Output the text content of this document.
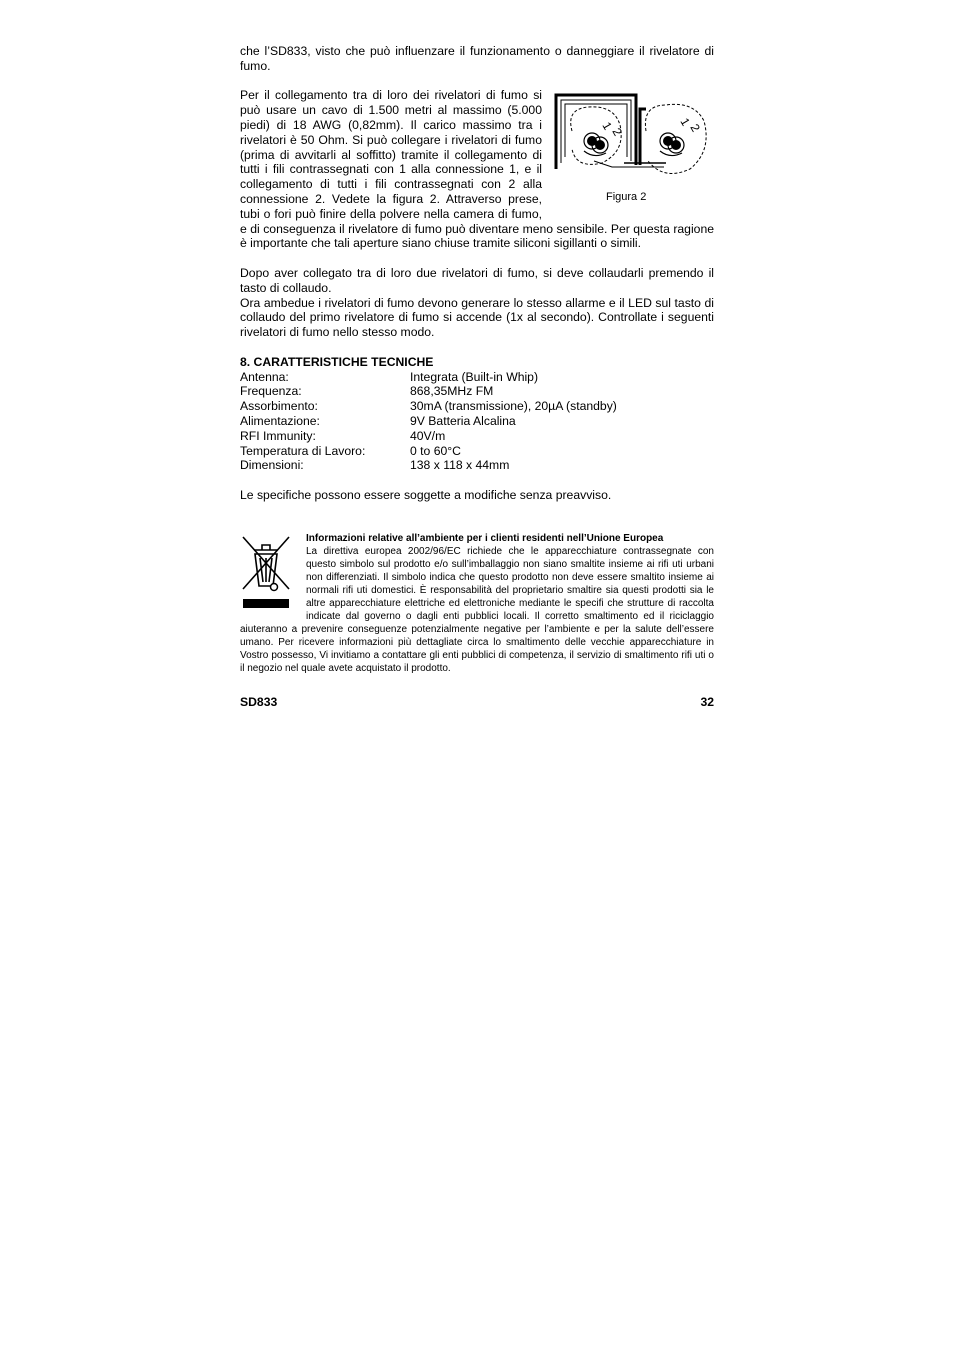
che l’SD833, visto che può influenzare il funzionamento o danneggiare il rivelatore di fumo.

1
2
1
2
Figura 2

Per il collegamento tra di loro dei rivelatori di fumo si può usare un cavo di 1.500 metri al massimo (5.000 piedi) di 18 AWG (0,82mm). Il carico massimo tra i rivelatori è 50 Ohm. Si può collegare i rivelatori di fumo (prima di avvitarli al soffitto) tramite il collegamento di tutti i fili contrassegnati con 1 alla connessione 1, e il collegamento di tutti i fili contrassegnati con 2 alla connessione 2. Vedete la figura 2. Attraverso prese, tubi o fori può finire della polvere nella camera di fumo, e di conseguenza il rivelatore di fumo può diventare meno sensibile. Per questa ragione è importante che tali aperture siano chiuse tramite siliconi sigillanti o simili.

Dopo aver collegato tra di loro due rivelatori di fumo, si deve collaudarli premendo il tasto di collaudo.

Ora ambedue i rivelatori di fumo devono generare lo stesso allarme e il LED sul tasto di collaudo del primo rivelatore di fumo si accende (1x al secondo). Controllate i seguenti rivelatori di fumo nello stesso modo.

8. CARATTERISTICHE TECNICHE
Antenna:	Integrata (Built-in Whip)
Frequenza:	868,35MHz FM
Assorbimento:	30mA (transmissione), 20µA (standby)
Alimentazione:	9V Batteria Alcalina
RFI Immunity:	40V/m
Temperatura di Lavoro:	0 to 60°C
Dimensioni:	138 x 118 x 44mm

Le specifiche possono essere soggette a modifiche senza preavviso.

Informazioni relative all’ambiente per i clienti residenti nell’Unione Europea

La direttiva europea 2002/96/EC richiede che le apparecchiature contrassegnate con questo simbolo sul prodotto e/o sull’imballaggio non siano smaltite insieme ai rifi uti urbani non differenziati. Il simbolo indica che questo prodotto non deve essere smaltito insieme ai normali rifi uti domestici. È responsabilità del proprietario smaltire sia questi prodotti sia le altre apparecchiature elettriche ed elettroniche mediante le specifi che strutture di raccolta indicate dal governo o dagli enti pubblici locali. Il corretto smaltimento ed il riciclaggio aiuteranno a prevenire conseguenze potenzialmente negative per l’ambiente e per la salute dell’essere umano. Per ricevere informazioni più dettagliate circa lo smaltimento delle vecchie apparecchiature in Vostro possesso, Vi invitiamo a contattare gli enti pubblici di competenza, il servizio di smaltimento rifi uti o il negozio nel quale avete acquistato il prodotto.

SD833	32
